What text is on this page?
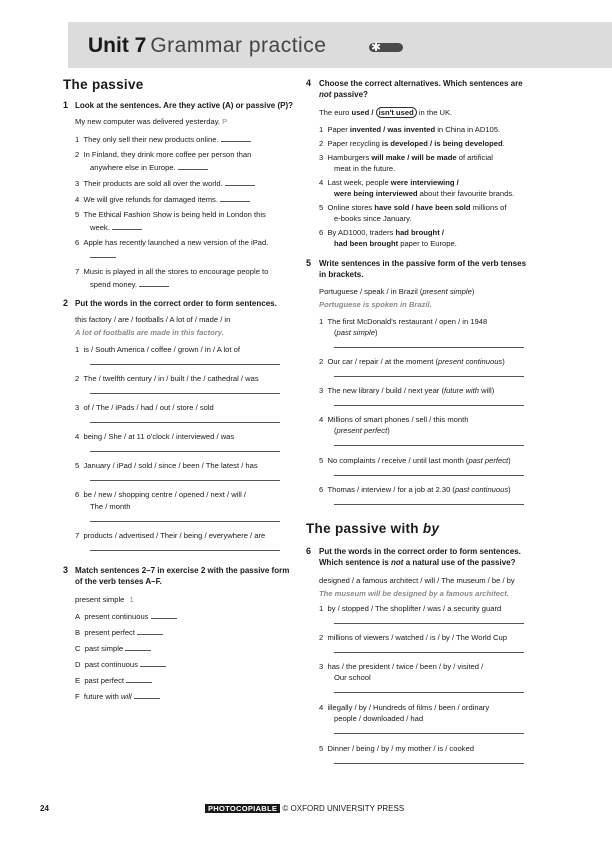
Unit 7 Grammar practice	✱
The passive
1 Look at the sentences. Are they active (A) or passive (P)?
My new computer was delivered yesterday. P
1 They only sell their new products online.
2 In Finland, they drink more coffee per person than
anywhere else in Europe.
3 Their products are sold all over the world.
4 We will give refunds for damaged items.
5 The Ethical Fashion Show is being held in London this
week.
6 Apple has recently launched a new version of the iPad.
7 Music is played in all the stores to encourage people to
spend money.
2 Put the words in the correct order to form sentences.
this factory / are / footballs / A lot of / made / in
A lot of footballs are made in this factory.
1 is / South America / coffee / grown / in / A lot of
2 The / twelfth century / in / built / the / cathedral / was
3 of / The / iPads / had / out / store / sold
4 being / She / at 11 o'clock / interviewed / was
5 January / iPad / sold / since / been / The latest / has
6 be / new / shopping centre / opened / next / will /
The / month
7 products / advertised / Their / being / everywhere / are
3 Match sentences 2–7 in exercise 2 with the passive form
of the verb tenses A–F.
present simple 1
A present continuous
B present perfect
C past simple
D past continuous
E past perfect
F future with will
4 Choose the correct alternatives. Which sentences are
not passive?
The euro used / isn't used in the UK.
1 Paper invented / was invented in China in AD105.
2 Paper recycling is developed / is being developed.
3 Hamburgers will make / will be made of artificial
meat in the future.
4 Last week, people were interviewing /
were being interviewed about their favourite brands.
5 Online stores have sold / have been sold millions of
e-books since January.
6 By AD1000, traders had brought /
had been brought paper to Europe.
5 Write sentences in the passive form of the verb tenses
in brackets.
Portuguese / speak / in Brazil (present simple)
Portuguese is spoken in Brazil.
1 The first McDonald's restaurant / open / in 1948
(past simple)
2 Our car / repair / at the moment (present continuous)
3 The new library / build / next year (future with will)
4 Millions of smart phones / sell / this month
(present perfect)
5 No complaints / receive / until last month (past perfect)
6 Thomas / interview / for a job at 2.30 (past continuous)
The passive with by
6 Put the words in the correct order to form sentences.
Which sentence is not a natural use of the passive?
designed / a famous architect / will / The museum / be / by
The museum will be designed by a famous architect.
1 by / stopped / The shoplifter / was / a security guard
2 millions of viewers / watched / is / by / The World Cup
3 has / the president / twice / been / by / visited /
Our school
4 illegally / by / Hundreds of films / been / ordinary
people / downloaded / had
5 Dinner / being / by / my mother / is / cooked
24	PHOTOCOPIABLE © OXFORD UNIVERSITY PRESS
